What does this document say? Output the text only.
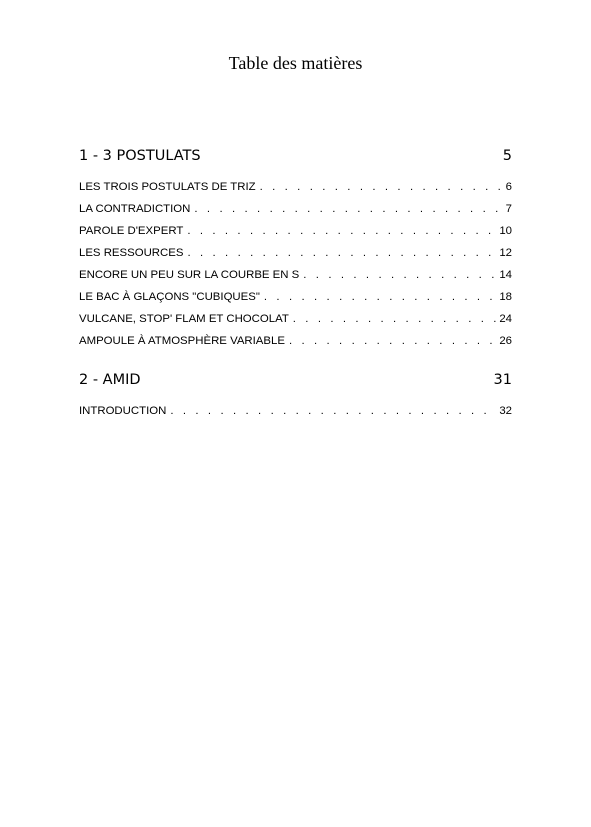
Table des matières
1 - 3 POSTULATS	5
LES TROIS POSTULATS DE TRIZ . . .	6
LA CONTRADICTION . . .	7
PAROLE D'EXPERT . . .	10
LES RESSOURCES . . .	12
ENCORE UN PEU SUR LA COURBE EN S . . .	14
LE BAC À GLAÇONS "CUBIQUES" . . .	18
VULCANE, STOP' FLAM ET CHOCOLAT . . .	24
AMPOULE À ATMOSPHÈRE VARIABLE . . .	26
2 - AMID	31
INTRODUCTION . . .	32
